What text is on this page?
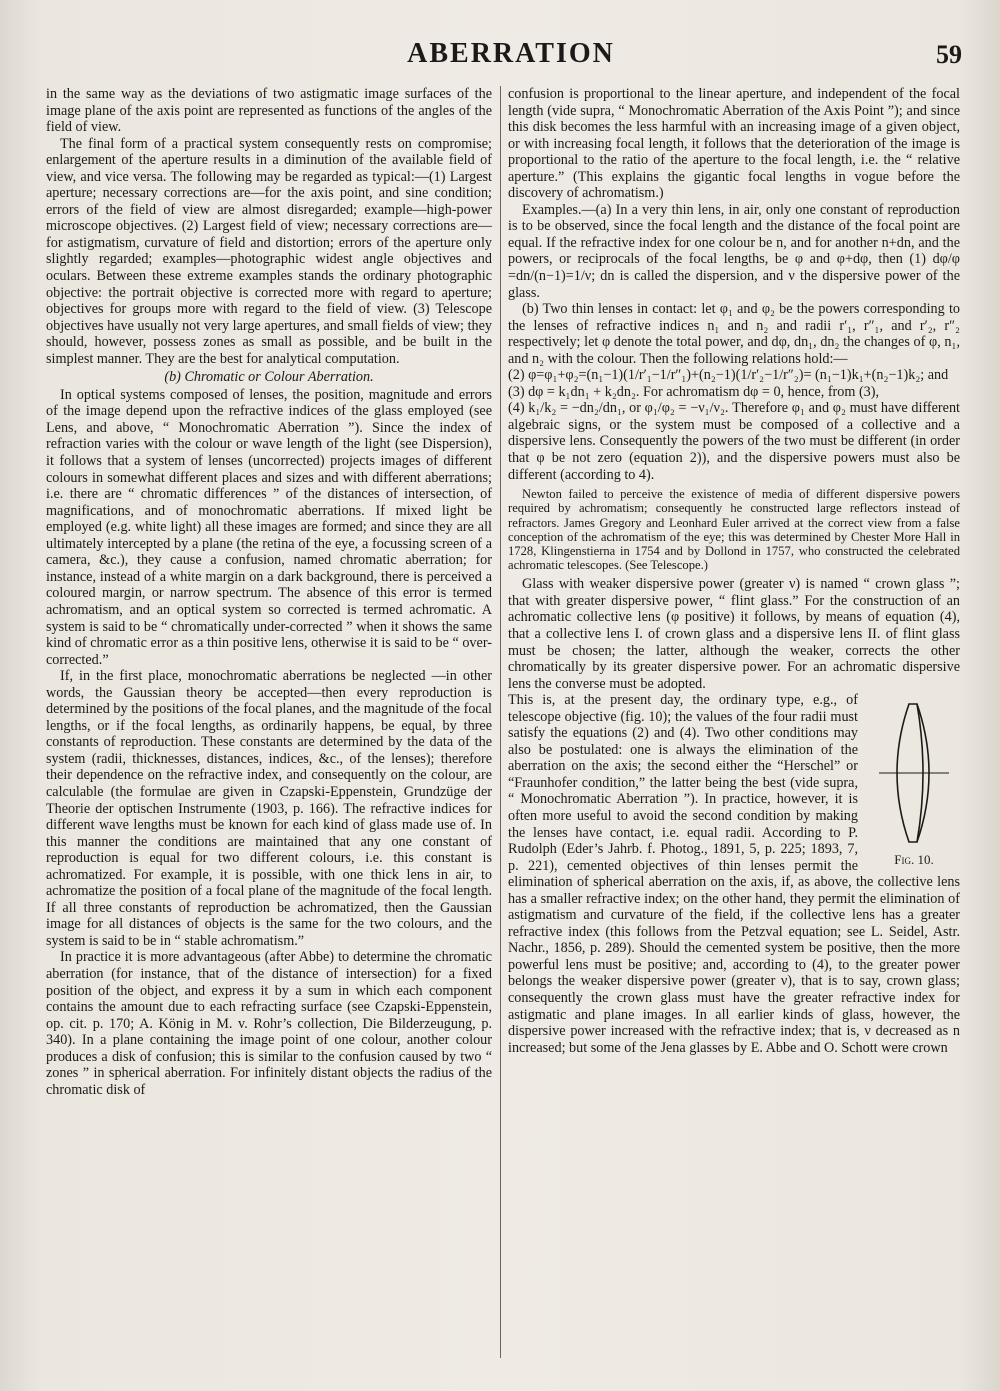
ABERRATION	59

in the same way as the deviations of two astigmatic image surfaces of the image plane of the axis point are represented as functions of the angles of the field of view.

The final form of a practical system consequently rests on compromise; enlargement of the aperture results in a diminution of the available field of view, and vice versa. The following may be regarded as typical:—(1) Largest aperture; necessary corrections are—for the axis point, and sine condition; errors of the field of view are almost disregarded; example—high-power microscope objectives. (2) Largest field of view; necessary corrections are—for astigmatism, curvature of field and distortion; errors of the aperture only slightly regarded; examples—photographic widest angle objectives and oculars. Between these extreme examples stands the ordinary photographic objective: the portrait objective is corrected more with regard to aperture; objectives for groups more with regard to the field of view. (3) Telescope objectives have usually not very large apertures, and small fields of view; they should, however, possess zones as small as possible, and be built in the simplest manner. They are the best for analytical computation.

(b) Chromatic or Colour Aberration.

In optical systems composed of lenses, the position, magnitude and errors of the image depend upon the refractive indices of the glass employed (see Lens, and above, “ Monochromatic Aberration ”). Since the index of refraction varies with the colour or wave length of the light (see Dispersion), it follows that a system of lenses (uncorrected) projects images of different colours in somewhat different places and sizes and with different aberrations; i.e. there are “ chromatic differences ” of the distances of intersection, of magnifications, and of monochromatic aberrations. If mixed light be employed (e.g. white light) all these images are formed; and since they are all ultimately intercepted by a plane (the retina of the eye, a focussing screen of a camera, &c.), they cause a confusion, named chromatic aberration; for instance, instead of a white margin on a dark background, there is perceived a coloured margin, or narrow spectrum. The absence of this error is termed achromatism, and an optical system so corrected is termed achromatic. A system is said to be “ chromatically under-corrected ” when it shows the same kind of chromatic error as a thin positive lens, otherwise it is said to be “ over-corrected.”

If, in the first place, monochromatic aberrations be neglected —in other words, the Gaussian theory be accepted—then every reproduction is determined by the positions of the focal planes, and the magnitude of the focal lengths, or if the focal lengths, as ordinarily happens, be equal, by three constants of reproduction. These constants are determined by the data of the system (radii, thicknesses, distances, indices, &c., of the lenses); therefore their dependence on the refractive index, and consequently on the colour, are calculable (the formulae are given in Czapski-Eppenstein, Grundzüge der Theorie der optischen Instrumente (1903, p. 166). The refractive indices for different wave lengths must be known for each kind of glass made use of. In this manner the conditions are maintained that any one constant of reproduction is equal for two different colours, i.e. this constant is achromatized. For example, it is possible, with one thick lens in air, to achromatize the position of a focal plane of the magnitude of the focal length. If all three constants of reproduction be achromatized, then the Gaussian image for all distances of objects is the same for the two colours, and the system is said to be in “ stable achromatism.”

In practice it is more advantageous (after Abbe) to determine the chromatic aberration (for instance, that of the distance of intersection) for a fixed position of the object, and express it by a sum in which each component contains the amount due to each refracting surface (see Czapski-Eppenstein, op. cit. p. 170; A. König in M. v. Rohr’s collection, Die Bilderzeugung, p. 340). In a plane containing the image point of one colour, another colour produces a disk of confusion; this is similar to the confusion caused by two “ zones ” in spherical aberration. For infinitely distant objects the radius of the chromatic disk of

confusion is proportional to the linear aperture, and independent of the focal length (vide supra, “ Monochromatic Aberration of the Axis Point ”); and since this disk becomes the less harmful with an increasing image of a given object, or with increasing focal length, it follows that the deterioration of the image is proportional to the ratio of the aperture to the focal length, i.e. the “ relative aperture.” (This explains the gigantic focal lengths in vogue before the discovery of achromatism.)

Examples.—(a) In a very thin lens, in air, only one constant of reproduction is to be observed, since the focal length and the distance of the focal point are equal. If the refractive index for one colour be n, and for another n+dn, and the powers, or reciprocals of the focal lengths, be φ and φ+dφ, then (1) dφ/φ =dn/(n−1)=1/ν; dn is called the dispersion, and ν the dispersive power of the glass.

(b) Two thin lenses in contact: let φ₁ and φ₂ be the powers corresponding to the lenses of refractive indices n₁ and n₂ and radii r′₁, r″₁, and r′₂, r″₂ respectively; let φ denote the total power, and dφ, dn₁, dn₂ the changes of φ, n₁, and n₂ with the colour. Then the following relations hold:—

(2) φ=φ₁+φ₂=(n₁−1)(1/r′₁−1/r″₁)+(n₂−1)(1/r′₂−1/r″₂)= (n₁−1)k₁+(n₂−1)k₂; and

(3) dφ = k₁dn₁ + k₂dn₂. For achromatism dφ = 0, hence, from (3),

(4) k₁/k₂ = −dn₂/dn₁, or φ₁/φ₂ = −ν₁/ν₂. Therefore φ₁ and φ₂ must have different algebraic signs, or the system must be composed of a collective and a dispersive lens. Consequently the powers of the two must be different (in order that φ be not zero (equation 2)), and the dispersive powers must also be different (according to 4).

Newton failed to perceive the existence of media of different dispersive powers required by achromatism; consequently he constructed large reflectors instead of refractors. James Gregory and Leonhard Euler arrived at the correct view from a false conception of the achromatism of the eye; this was determined by Chester More Hall in 1728, Klingenstierna in 1754 and by Dollond in 1757, who constructed the celebrated achromatic telescopes. (See Telescope.)

Glass with weaker dispersive power (greater ν) is named “ crown glass ”; that with greater dispersive power, “ flint glass.” For the construction of an achromatic collective lens (φ positive) it follows, by means of equation (4), that a collective lens I. of crown glass and a dispersive lens II. of flint glass must be chosen; the latter, although the weaker, corrects the other chromatically by its greater dispersive power. For an achromatic dispersive lens the converse must be adopted.

Fig. 10.

This is, at the present day, the ordinary type, e.g., of telescope objective (fig. 10); the values of the four radii must satisfy the equations (2) and (4). Two other conditions may also be postulated: one is always the elimination of the aberration on the axis; the second either the “Herschel” or “Fraunhofer condition,” the latter being the best (vide supra, “ Monochromatic Aberration ”). In practice, however, it is often more useful to avoid the second condition by making the lenses have contact, i.e. equal radii. According to P. Rudolph (Eder’s Jahrb. f. Photog., 1891, 5, p. 225; 1893, 7, p. 221), cemented objectives of thin lenses permit the elimination of spherical aberration on the axis, if, as above, the collective lens has a smaller refractive index; on the other hand, they permit the elimination of astigmatism and curvature of the field, if the collective lens has a greater refractive index (this follows from the Petzval equation; see L. Seidel, Astr. Nachr., 1856, p. 289). Should the cemented system be positive, then the more powerful lens must be positive; and, according to (4), to the greater power belongs the weaker dispersive power (greater ν), that is to say, crown glass; consequently the crown glass must have the greater refractive index for astigmatic and plane images. In all earlier kinds of glass, however, the dispersive power increased with the refractive index; that is, ν decreased as n increased; but some of the Jena glasses by E. Abbe and O. Schott were crown
